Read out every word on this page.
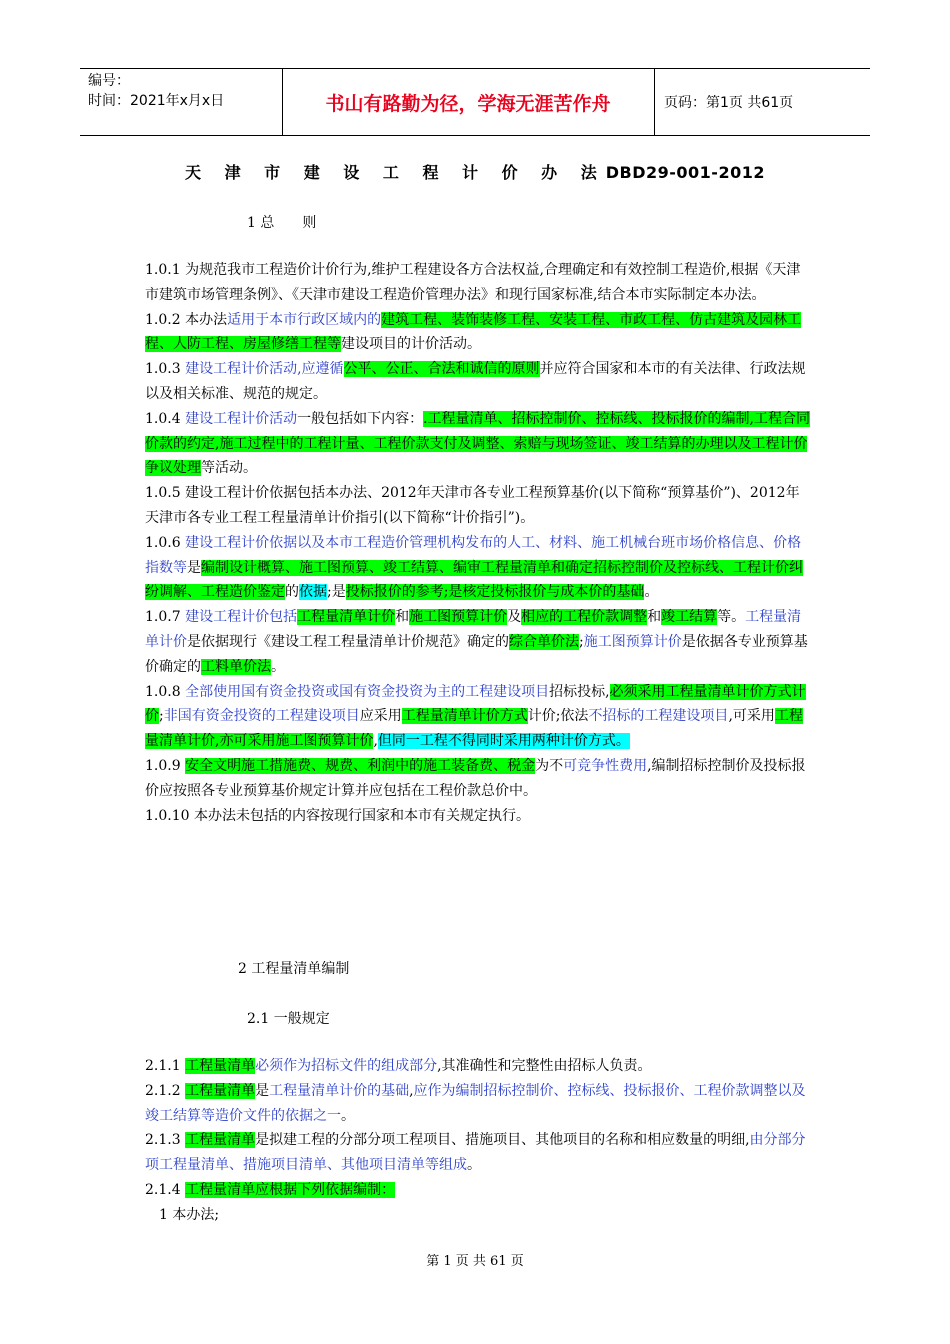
编号：
时间：2021年x月x日	书山有路勤为径，学海无涯苦作舟	页码：第1页 共61页
天 津 市 建 设 工 程 计 价 办 法DBD29-001-2012
1 总　　则

1.0.1 为规范我市工程造价计价行为,维护工程建设各方合法权益,合理确定和有效控制工程造价,根据《天津市建筑市场管理条例》、《天津市建设工程造价管理办法》和现行国家标准,结合本市实际制定本办法。

1.0.2 本办法适用于本市行政区域内的建筑工程、装饰装修工程、安装工程、市政工程、仿古建筑及园林工程、人防工程、房屋修缮工程等建设项目的计价活动。

1.0.3 建设工程计价活动,应遵循公平、公正、合法和诚信的原则并应符合国家和本市的有关法律、行政法规以及相关标准、规范的规定。

1.0.4 建设工程计价活动一般包括如下内容：.工程量清单、招标控制价、控标线、投标报价的编制,工程合同价款的约定,施工过程中的工程计量、工程价款支付及调整、索赔与现场签证、竣工结算的办理以及工程计价争议处理等活动。

1.0.5 建设工程计价依据包括本办法、2012年天津市各专业工程预算基价(以下简称“预算基价”)、2012年天津市各专业工程工程量清单计价指引(以下简称“计价指引”)。

1.0.6 建设工程计价依据以及本市工程造价管理机构发布的人工、材料、施工机械台班市场价格信息、价格指数等是编制设计概算、施工图预算、竣工结算、编审工程量清单和确定招标控制价及控标线、工程计价纠纷调解、工程造价鉴定的依据;是投标报价的参考;是核定投标报价与成本价的基础。

1.0.7 建设工程计价包括工程量清单计价和施工图预算计价及相应的工程价款调整和竣工结算等。工程量清单计价是依据现行《建设工程工程量清单计价规范》确定的综合单价法;施工图预算计价是依据各专业预算基价确定的工料单价法。

1.0.8 全部使用国有资金投资或国有资金投资为主的工程建设项目招标投标,必须采用工程量清单计价方式计价;非国有资金投资的工程建设项目应采用工程量清单计价方式计价;依法不招标的工程建设项目,可采用工程量清单计价,亦可采用施工图预算计价,但同一工程不得同时采用两种计价方式。

1.0.9 安全文明施工措施费、规费、利润中的施工装备费、税金为不可竞争性费用,编制招标控制价及投标报价应按照各专业预算基价规定计算并应包括在工程价款总价中。

1.0.10 本办法未包括的内容按现行国家和本市有关规定执行。

2 工程量清单编制
2.1 一般规定

2.1.1 工程量清单必须作为招标文件的组成部分,其准确性和完整性由招标人负责。

2.1.2 工程量清单是工程量清单计价的基础,应作为编制招标控制价、控标线、投标报价、工程价款调整以及竣工结算等造价文件的依据之一。

2.1.3 工程量清单是拟建工程的分部分项工程项目、措施项目、其他项目的名称和相应数量的明细,由分部分项工程量清单、措施项目清单、其他项目清单等组成。

2.1.4 工程量清单应根据下列依据编制：

1 本办法;

第 1 页 共 61 页
